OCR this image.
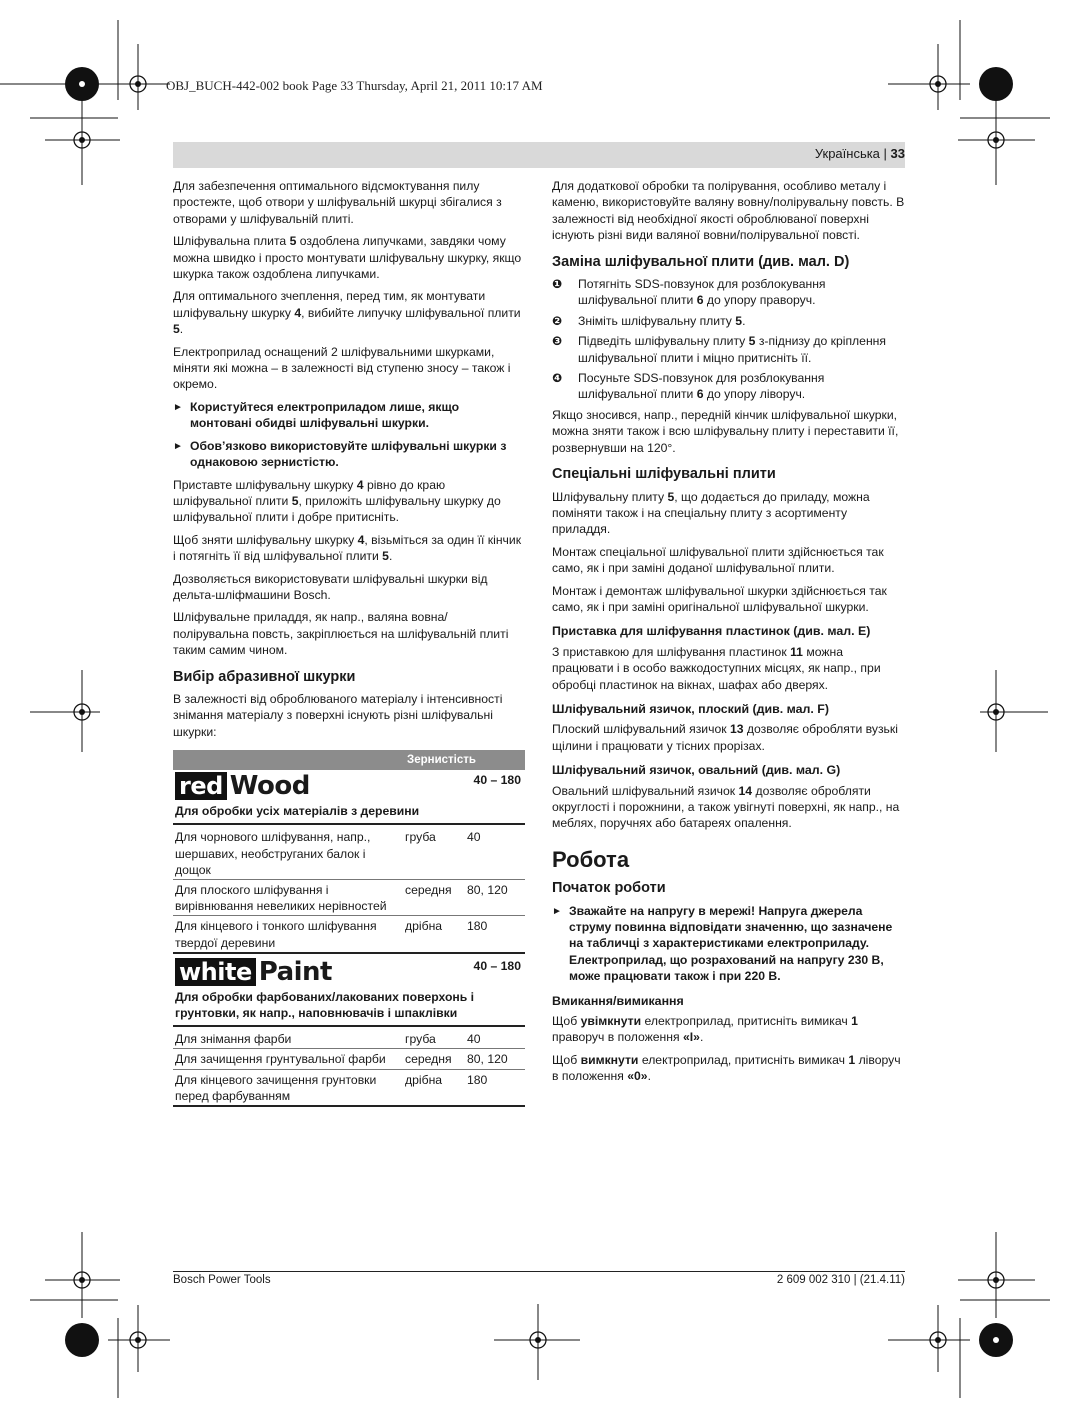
OBJ_BUCH-442-002 book Page 33 Thursday, April 21, 2011 10:17 AM
Українська | 33

Для забезпечення оптимального відсмоктування пилу простежте, щоб отвори у шліфувальній шкурці збігалися з отворами у шліфувальній плиті.

Шліфувальна плита 5 оздоблена липучками, завдяки чому можна швидко і просто монтувати шліфувальну шкурку, якщо шкурка також оздоблена липучками.

Для оптимального зчеплення, перед тим, як монтувати шліфувальну шкурку 4, вибийте липучку шліфувальної плити 5.

Електроприлад оснащений 2 шліфувальними шкурками, міняти які можна – в залежності від ступеню зносу – також і окремо.

► Користуйтеся електроприладом лише, якщо монтовані обидві шліфувальні шкурки.
► Обов’язково використовуйте шліфувальні шкурки з однаковою зернистістю.

Приставте шліфувальну шкурку 4 рівно до краю шліфувальної плити 5, приложіть шліфувальну шкурку до шліфувальної плити і добре притисніть.

Щоб зняти шліфувальну шкурку 4, візьміться за один її кінчик і потягніть її від шліфувальної плити 5.

Дозволяється використовувати шліфувальні шкурки від дельта-шліфмашини Bosch.

Шліфувальне приладдя, як напр., валяна вовна/полірувальна повсть, закріплюється на шліфувальній плиті таким самим чином.

Вибір абразивної шкурки

В залежності від оброблюваного матеріалу і інтенсивності знімання матеріалу з поверхні існують різні шліфувальні шкурки:

	Зернистість	
red Wood		40 – 180
Для обробки усіх матеріалів з деревини		
Для чорнового шліфування, напр., шершавих, необструганих балок і дощок	груба	40
Для плоского шліфування і вирівнювання невеликих нерівностей	середня	80, 120
Для кінцевого і тонкого шліфування твердої деревини	дрібна	180
white Paint		40 – 180
Для обробки фарбованих/лакованих поверхонь і грунтовки, як напр., наповнювачів і шпаклівки		
Для знімання фарби	груба	40
Для зачищення грунтувальної фарби	середня	80, 120
Для кінцевого зачищення грунтовки перед фарбуванням	дрібна	180

Для додаткової обробки та полірування, особливо металу і каменю, використовуйте валяну вовну/полірувальну повсть. В залежності від необхідної якості оброблюваної поверхні існують різні види валяної вовни/полірувальної повсті.

Заміна шліфувальної плити (див. мал. D)
❶	Потягніть SDS-повзунок для розблокування шліфувальної плити 6 до упору праворуч.
❷	Зніміть шліфувальну плиту 5.
❸	Підведіть шліфувальну плиту 5 з-піднизу до кріплення шліфувальної плити і міцно притисніть її.
❹	Посуньте SDS-повзунок для розблокування шліфувальної плити 6 до упору ліворуч.

Якщо зносився, напр., передній кінчик шліфувальної шкурки, можна зняти також і всю шліфувальну плиту і переставити її, розвернувши на 120°.

Спеціальні шліфувальні плити

Шліфувальну плиту 5, що додається до приладу, можна поміняти також і на спеціальну плиту з асортименту приладдя.

Монтаж спеціальної шліфувальної плити здійснюється так само, як і при заміні доданої шліфувальної плити.

Монтаж і демонтаж шліфувальної шкурки здійснюється так само, як і при заміні оригінальної шліфувальної шкурки.

Приставка для шліфування пластинок (див. мал. E)

З приставкою для шліфування пластинок 11 можна працювати і в особо важкодоступних місцях, як напр., при обробці пластинок на вікнах, шафах або дверях.

Шліфувальний язичок, плоский (див. мал. F)

Плоский шліфувальний язичок 13 дозволяє обробляти вузькі щілини і працювати у тісних прорізах.

Шліфувальний язичок, овальний (див. мал. G)

Овальний шліфувальний язичок 14 дозволяє обробляти округлості і порожнини, а також увігнуті поверхні, як напр., на меблях, поручнях або батареях опалення.

Робота
Початок роботи
► Зважайте на напругу в мережі! Напруга джерела струму повинна відповідати значенню, що зазначене на табличці з характеристиками електроприладу. Електроприлад, що розрахований на напругу 230 В, може працювати також і при 220 В.
Вмикання/вимикання

Щоб увімкнути електроприлад, притисніть вимикач 1 праворуч в положення «I».

Щоб вимкнути електроприлад, притисніть вимикач 1 ліворуч в положення «0».

Bosch Power Tools	2 609 002 310 | (21.4.11)
